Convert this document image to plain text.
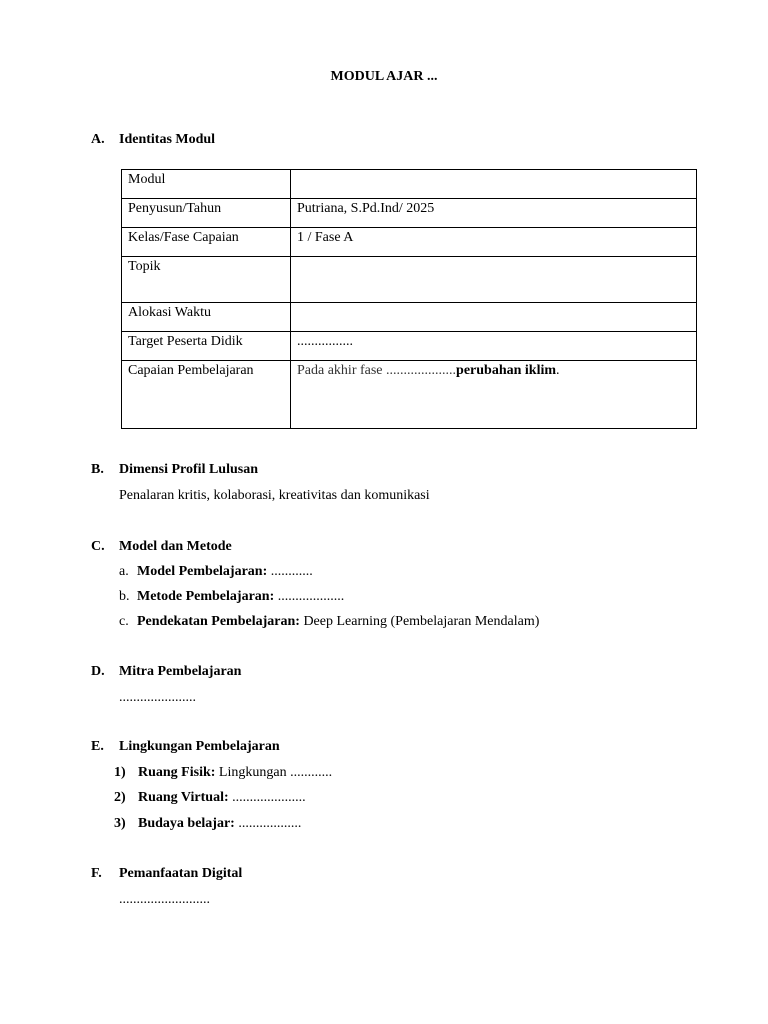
MODUL AJAR ...
A. Identitas Modul
Modul	
Penyusun/Tahun	Putriana, S.Pd.Ind/ 2025
Kelas/Fase Capaian	1 / Fase A
Topik	
Alokasi Waktu	
Target Peserta Didik	................
Capaian Pembelajaran	Pada akhir fase ....................perubahan iklim.
B. Dimensi Profil Lulusan
Penalaran kritis, kolaborasi, kreativitas dan komunikasi
C. Model dan Metode
a. Model Pembelajaran: ............
b. Metode Pembelajaran: ...................
c. Pendekatan Pembelajaran: Deep Learning (Pembelajaran Mendalam)
D. Mitra Pembelajaran
......................
E. Lingkungan Pembelajaran
1) Ruang Fisik: Lingkungan ............
2) Ruang Virtual: .....................
3) Budaya belajar: ..................
F. Pemanfaatan Digital
..........................
